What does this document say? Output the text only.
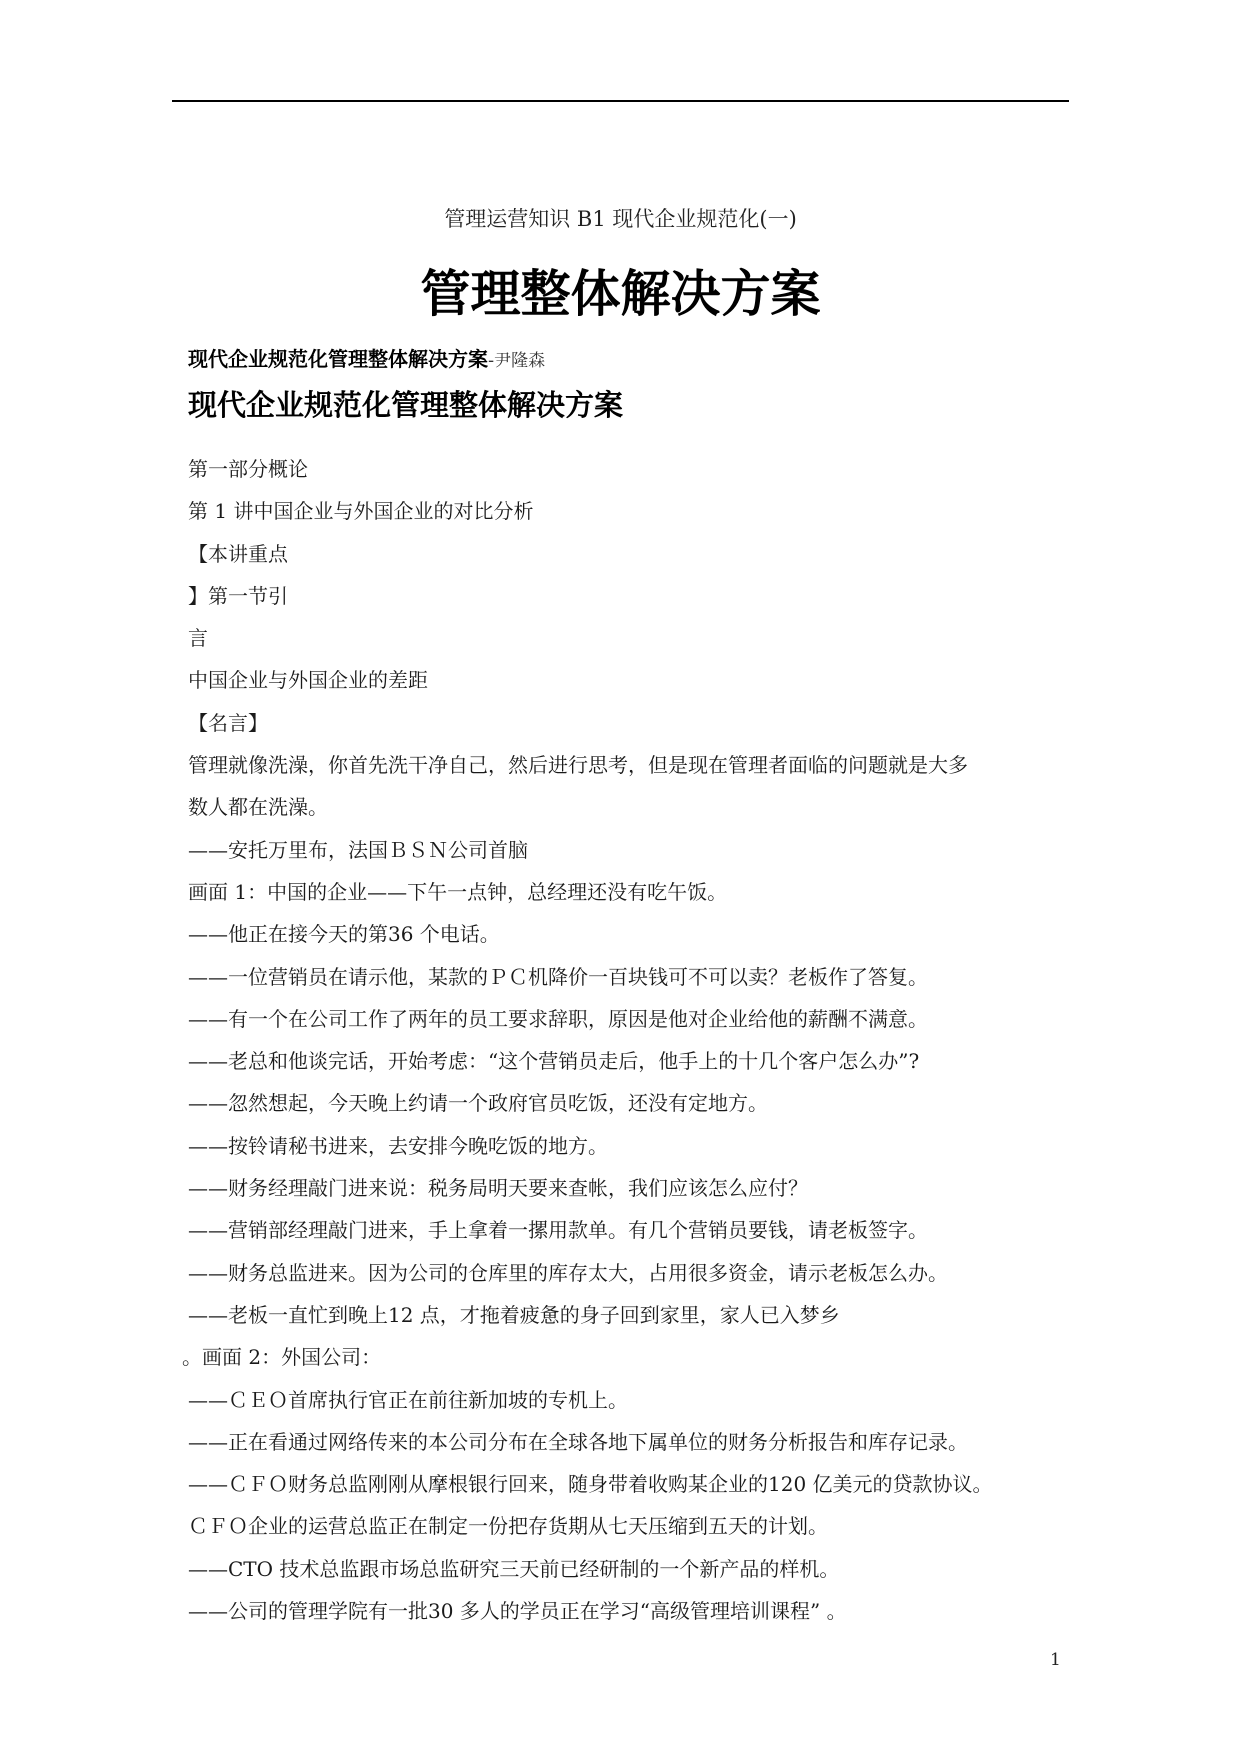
管理运营知识 B1 现代企业规范化(一)
管理整体解决方案
现代企业规范化管理整体解决方案-尹隆森
现代企业规范化管理整体解决方案
第一部分概论
第 1 讲中国企业与外国企业的对比分析
【本讲重点
】第一节引
言
中国企业与外国企业的差距
【名言】
管理就像洗澡，你首先洗干净自己，然后进行思考，但是现在管理者面临的问题就是大多
数人都在洗澡。
——安托万里布，法国ＢＳＮ公司首脑
画面 1：中国的企业——下午一点钟，总经理还没有吃午饭。
——他正在接今天的第36 个电话。
——一位营销员在请示他，某款的ＰＣ机降价一百块钱可不可以卖？老板作了答复。
——有一个在公司工作了两年的员工要求辞职，原因是他对企业给他的薪酬不满意。
——老总和他谈完话，开始考虑：“这个营销员走后，他手上的十几个客户怎么办”?
——忽然想起，今天晚上约请一个政府官员吃饭，还没有定地方。
——按铃请秘书进来，去安排今晚吃饭的地方。
——财务经理敲门进来说：税务局明天要来查帐，我们应该怎么应付？
——营销部经理敲门进来，手上拿着一摞用款单。有几个营销员要钱，请老板签字。
——财务总监进来。因为公司的仓库里的库存太大，占用很多资金，请示老板怎么办。
——老板一直忙到晚上12 点，才拖着疲惫的身子回到家里，家人已入梦乡
。画面 2：外国公司：
——ＣＥＯ首席执行官正在前往新加坡的专机上。
——正在看通过网络传来的本公司分布在全球各地下属单位的财务分析报告和库存记录。
——ＣＦＯ财务总监刚刚从摩根银行回来，随身带着收购某企业的120 亿美元的贷款协议。
ＣＦＯ企业的运营总监正在制定一份把存货期从七天压缩到五天的计划。
——CTO 技术总监跟市场总监研究三天前已经研制的一个新产品的样机。
——公司的管理学院有一批30 多人的学员正在学习“高级管理培训课程” 。
1
